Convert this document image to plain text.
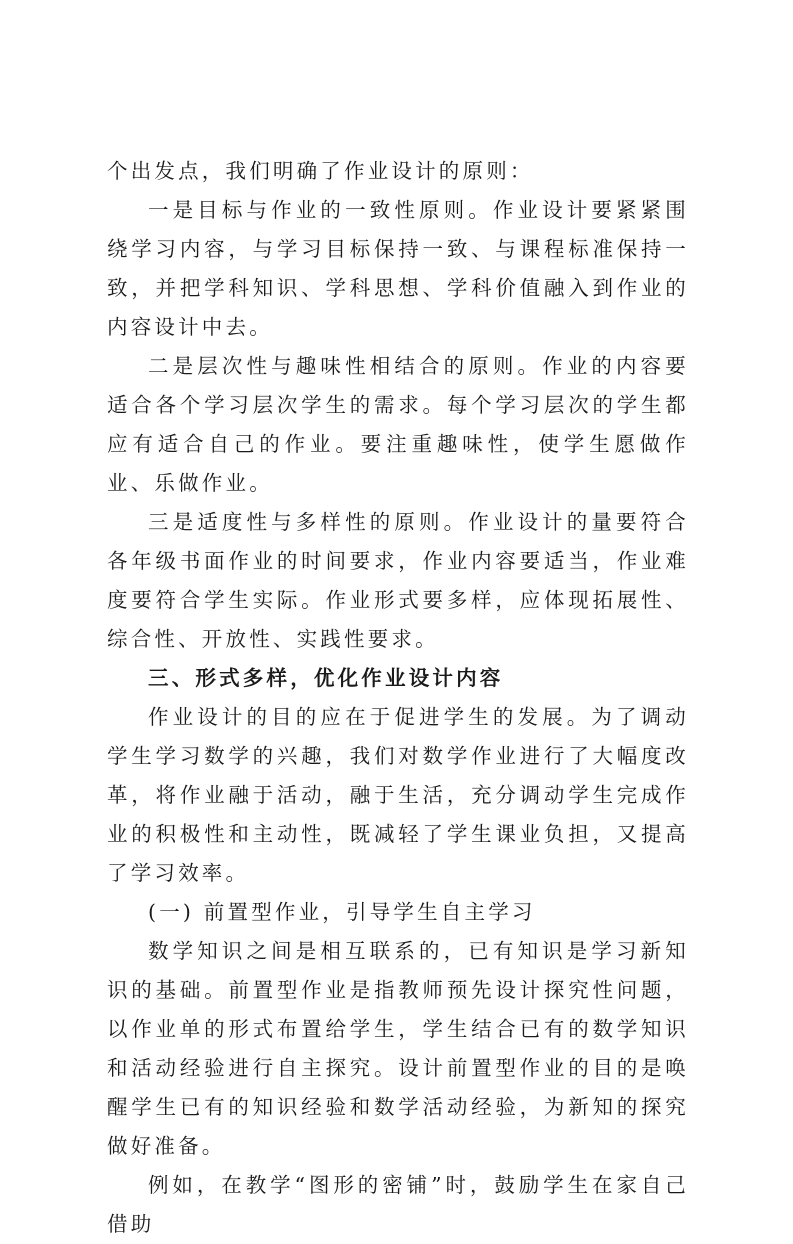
个出发点，我们明确了作业设计的原则：

一是目标与作业的一致性原则。作业设计要紧紧围绕学习内容，与学习目标保持一致、与课程标准保持一致，并把学科知识、学科思想、学科价值融入到作业的内容设计中去。

二是层次性与趣味性相结合的原则。作业的内容要适合各个学习层次学生的需求。每个学习层次的学生都应有适合自己的作业。要注重趣味性，使学生愿做作业、乐做作业。

三是适度性与多样性的原则。作业设计的量要符合各年级书面作业的时间要求，作业内容要适当，作业难度要符合学生实际。作业形式要多样，应体现拓展性、综合性、开放性、实践性要求。

三、形式多样，优化作业设计内容

作业设计的目的应在于促进学生的发展。为了调动学生学习数学的兴趣，我们对数学作业进行了大幅度改革，将作业融于活动，融于生活，充分调动学生完成作业的积极性和主动性，既减轻了学生课业负担，又提高了学习效率。

(一) 前置型作业，引导学生自主学习

数学知识之间是相互联系的，已有知识是学习新知识的基础。前置型作业是指教师预先设计探究性问题，以作业单的形式布置给学生，学生结合已有的数学知识和活动经验进行自主探究。设计前置型作业的目的是唤醒学生已有的知识经验和数学活动经验，为新知的探究做好准备。

例如，在教学“图形的密铺”时，鼓励学生在家自己借助
